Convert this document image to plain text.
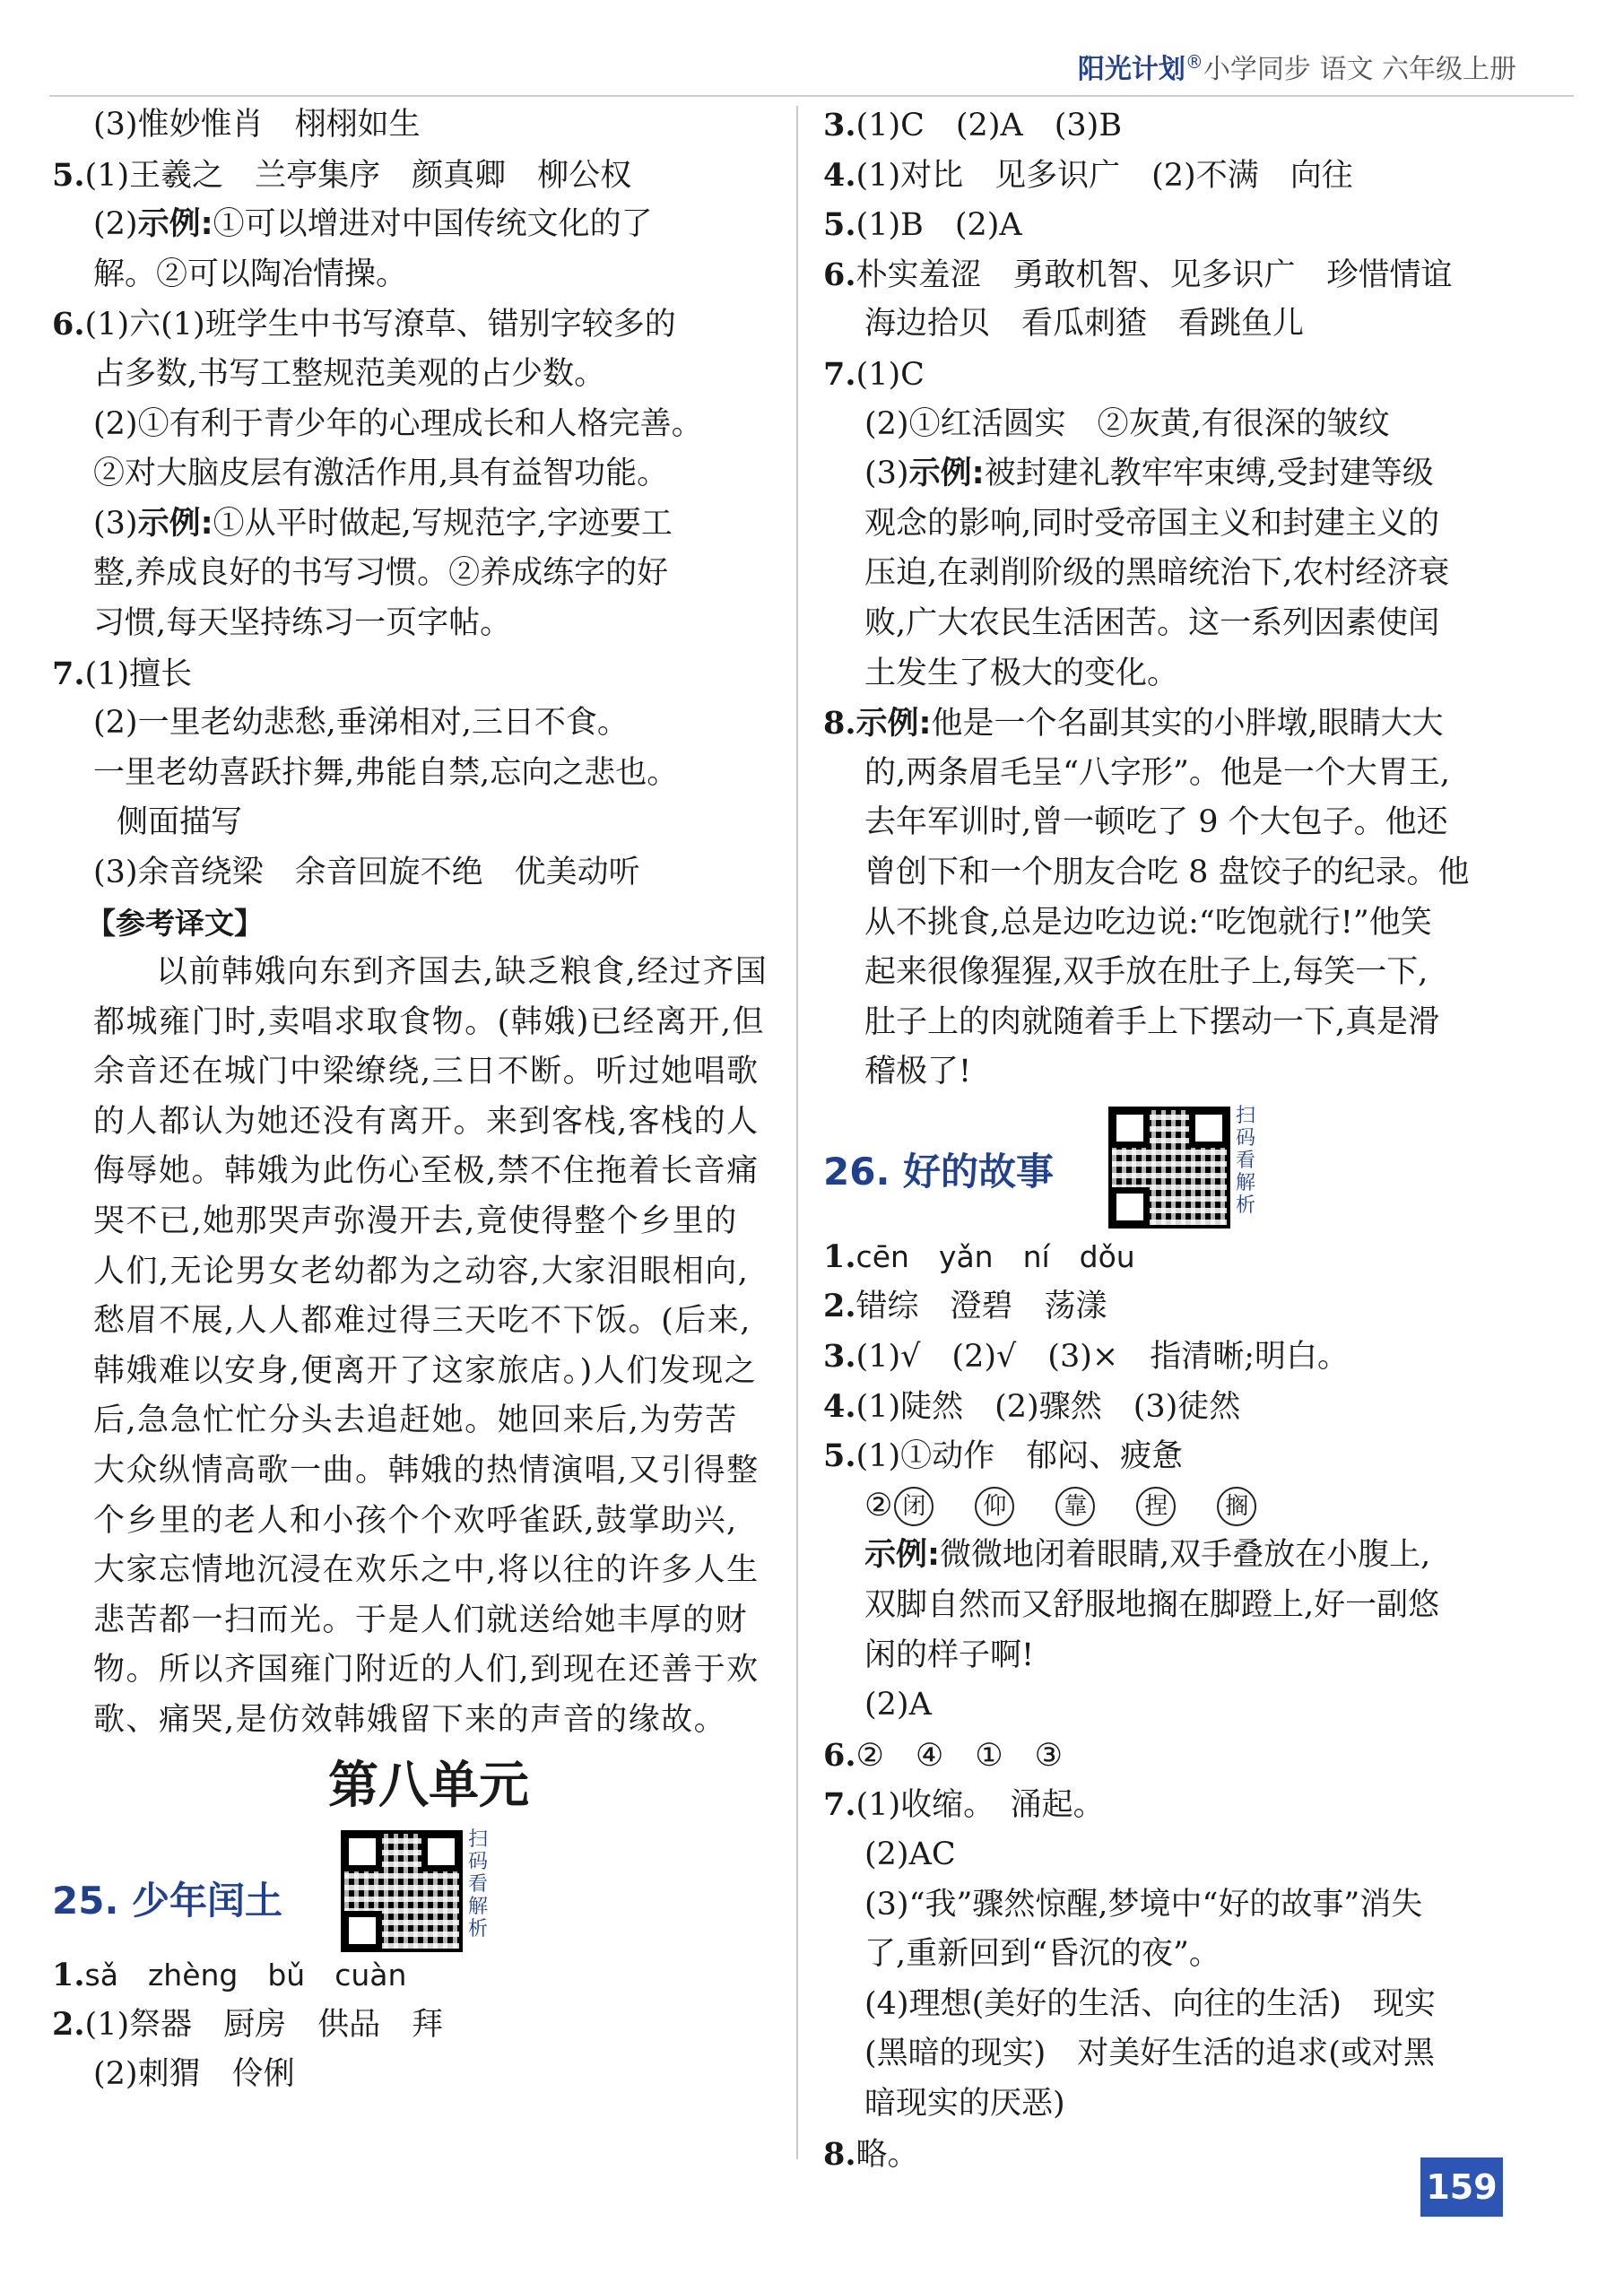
阳光计划®小学同步 语文 六年级上册
(3)惟妙惟肖　栩栩如生
5.(1)王羲之　兰亭集序　颜真卿　柳公权
(2)示例:①可以增进对中国传统文化的了
解。②可以陶冶情操。
6.(1)六(1)班学生中书写潦草、错别字较多的
占多数,书写工整规范美观的占少数。
(2)①有利于青少年的心理成长和人格完善。
②对大脑皮层有激活作用,具有益智功能。
(3)示例:①从平时做起,写规范字,字迹要工
整,养成良好的书写习惯。②养成练字的好
习惯,每天坚持练习一页字帖。
7.(1)擅长
(2)一里老幼悲愁,垂涕相对,三日不食。
一里老幼喜跃抃舞,弗能自禁,忘向之悲也。
侧面描写
(3)余音绕梁　余音回旋不绝　优美动听
【参考译文】

以前韩娥向东到齐国去,缺乏粮食,经过齐国都城雍门时,卖唱求取食物。(韩娥)已经离开,但余音还在城门中梁缭绕,三日不断。听过她唱歌的人都认为她还没有离开。来到客栈,客栈的人侮辱她。韩娥为此伤心至极,禁不住拖着长音痛哭不已,她那哭声弥漫开去,竟使得整个乡里的人们,无论男女老幼都为之动容,大家泪眼相向,愁眉不展,人人都难过得三天吃不下饭。(后来,韩娥难以安身,便离开了这家旅店。)人们发现之后,急急忙忙分头去追赶她。她回来后,为劳苦大众纵情高歌一曲。韩娥的热情演唱,又引得整个乡里的老人和小孩个个欢呼雀跃,鼓掌助兴,大家忘情地沉浸在欢乐之中,将以往的许多人生悲苦都一扫而光。于是人们就送给她丰厚的财物。所以齐国雍门附近的人们,到现在还善于欢歌、痛哭,是仿效韩娥留下来的声音的缘故。

第八单元
25. 少年闰土
扫码看解析
1.sǎ　zhèng　bǔ　cuàn
2.(1)祭器　厨房　供品　拜
(2)刺猬　伶俐
3.(1)C　(2)A　(3)B
4.(1)对比　见多识广　(2)不满　向往
5.(1)B　(2)A
6.朴实羞涩　勇敢机智、见多识广　珍惜情谊
海边拾贝　看瓜刺猹　看跳鱼儿
7.(1)C
(2)①红活圆实　②灰黄,有很深的皱纹
(3)示例:被封建礼教牢牢束缚,受封建等级
观念的影响,同时受帝国主义和封建主义的
压迫,在剥削阶级的黑暗统治下,农村经济衰
败,广大农民生活困苦。这一系列因素使闰
土发生了极大的变化。
8.示例:他是一个名副其实的小胖墩,眼睛大大
的,两条眉毛呈“八字形”。他是一个大胃王,
去年军训时,曾一顿吃了 9 个大包子。他还
曾创下和一个朋友合吃 8 盘饺子的纪录。他
从不挑食,总是边吃边说:“吃饱就行!”他笑
起来很像猩猩,双手放在肚子上,每笑一下,
肚子上的肉就随着手上下摆动一下,真是滑
稽极了!
26. 好的故事
扫码看解析
1.cēn　yǎn　ní　dǒu
2.错综　澄碧　荡漾
3.(1)√　(2)√　(3)×　指清晰;明白。
4.(1)陡然　(2)骤然　(3)徒然
5.(1)①动作　郁闷、疲惫
② 闭 仰 靠 捏 搁
示例:微微地闭着眼睛,双手叠放在小腹上,
双脚自然而又舒服地搁在脚蹬上,好一副悠
闲的样子啊!
(2)A
6.②　④　①　③
7.(1)收缩。　涌起。
(2)AC
(3)“我”骤然惊醒,梦境中“好的故事”消失
了,重新回到“昏沉的夜”。
(4)理想(美好的生活、向往的生活)　现实
(黑暗的现实)　对美好生活的追求(或对黑
暗现实的厌恶)
8.略。
159
